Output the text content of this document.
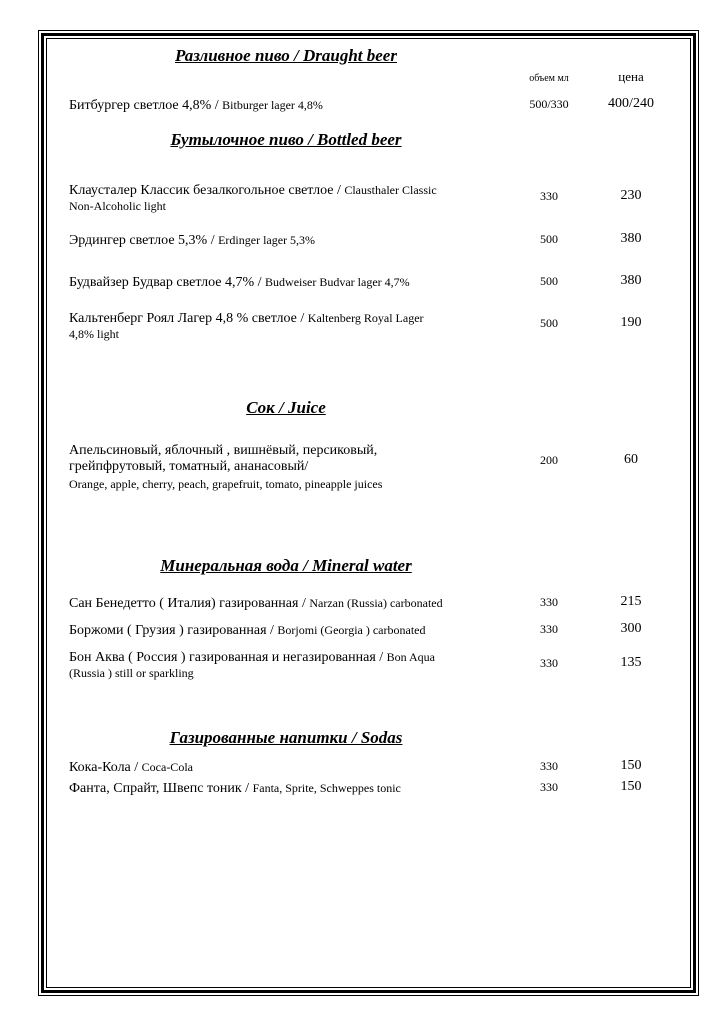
Разливное пиво / Draught beer
объем мл	цена
Битбургер светлое 4,8% / Bitburger lager 4,8%	500/330	400/240
Бутылочное пиво / Bottled beer
Клаусталер Классик безалкогольное светлое / Clausthaler Classic
Non-Alcoholic light
330	230
Эрдингер светлое 5,3% / Erdinger lager 5,3%	500	380
Будвайзер Будвар светлое 4,7% / Budweiser Budvar lager 4,7%	500	380
Кальтенберг Роял Лагер 4,8 % светлое / Kaltenberg Royal Lager
4,8% light
500	190
Сок / Juice
Апельсиновый, яблочный , вишнёвый, персиковый,
грейпфрутовый, томатный, ананасовый/
Orange, apple, cherry, peach, grapefruit, tomato, pineapple juices
200	60
Минеральная вода / Mineral water
Сан Бенедетто ( Италия) газированная / Narzan (Russia) carbonated	330	215
Боржоми ( Грузия ) газированная / Borjomi (Georgia ) carbonated	330	300
Бон Аква ( Россия ) газированная и негазированная / Bon Aqua
(Russia ) still or sparkling
330	135
Газированные напитки / Sodas
Кока-Кола / Coca-Cola	330	150
Фанта, Спрайт, Швепс тоник / Fanta, Sprite, Schweppes tonic	330	150
